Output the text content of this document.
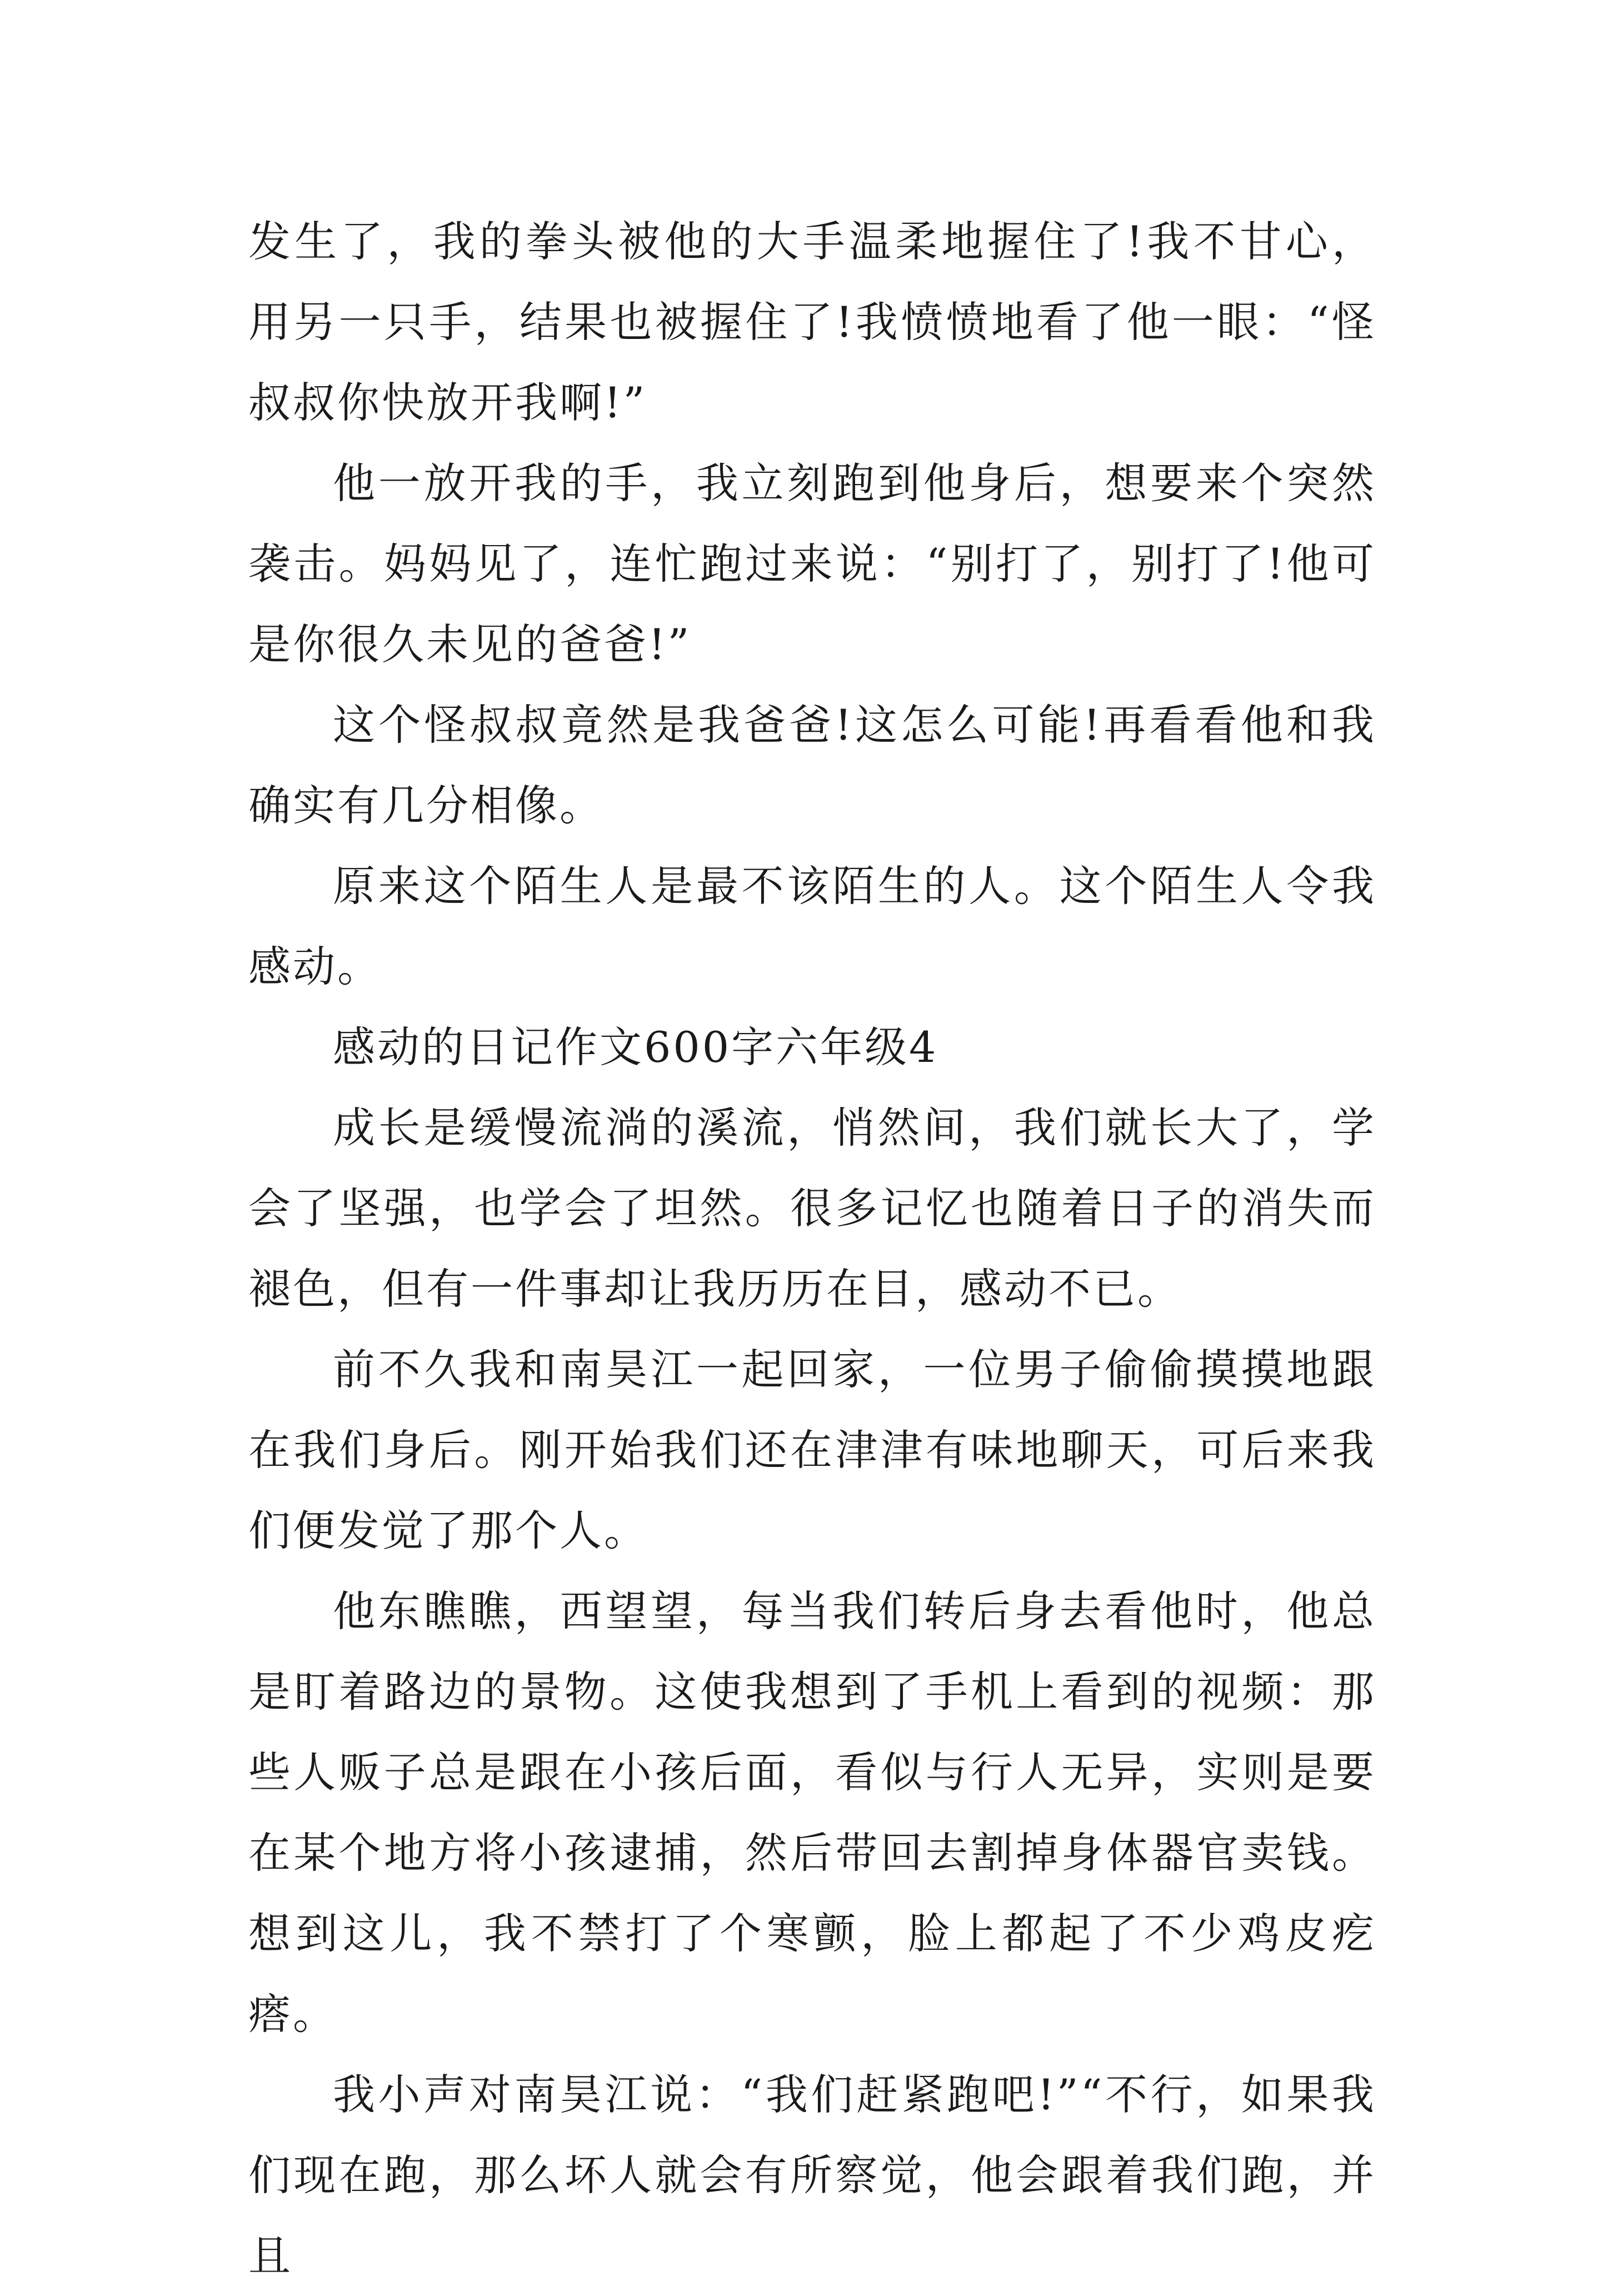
发生了，我的拳头被他的大手温柔地握住了!我不甘心，用另一只手，结果也被握住了!我愤愤地看了他一眼：“怪叔叔你快放开我啊!”

他一放开我的手，我立刻跑到他身后，想要来个突然袭击。妈妈见了，连忙跑过来说：“别打了，别打了!他可是你很久未见的爸爸!”

这个怪叔叔竟然是我爸爸!这怎么可能!再看看他和我确实有几分相像。

原来这个陌生人是最不该陌生的人。这个陌生人令我感动。

感动的日记作文600字六年级4

成长是缓慢流淌的溪流，悄然间，我们就长大了，学会了坚强，也学会了坦然。很多记忆也随着日子的消失而褪色，但有一件事却让我历历在目，感动不已。

前不久我和南昊江一起回家，一位男子偷偷摸摸地跟在我们身后。刚开始我们还在津津有味地聊天，可后来我们便发觉了那个人。

他东瞧瞧，西望望，每当我们转后身去看他时，他总是盯着路边的景物。这使我想到了手机上看到的视频：那些人贩子总是跟在小孩后面，看似与行人无异，实则是要在某个地方将小孩逮捕，然后带回去割掉身体器官卖钱。想到这儿，我不禁打了个寒颤，脸上都起了不少鸡皮疙瘩。

我小声对南昊江说：“我们赶紧跑吧!”“不行，如果我们现在跑，那么坏人就会有所察觉，他会跟着我们跑，并且
